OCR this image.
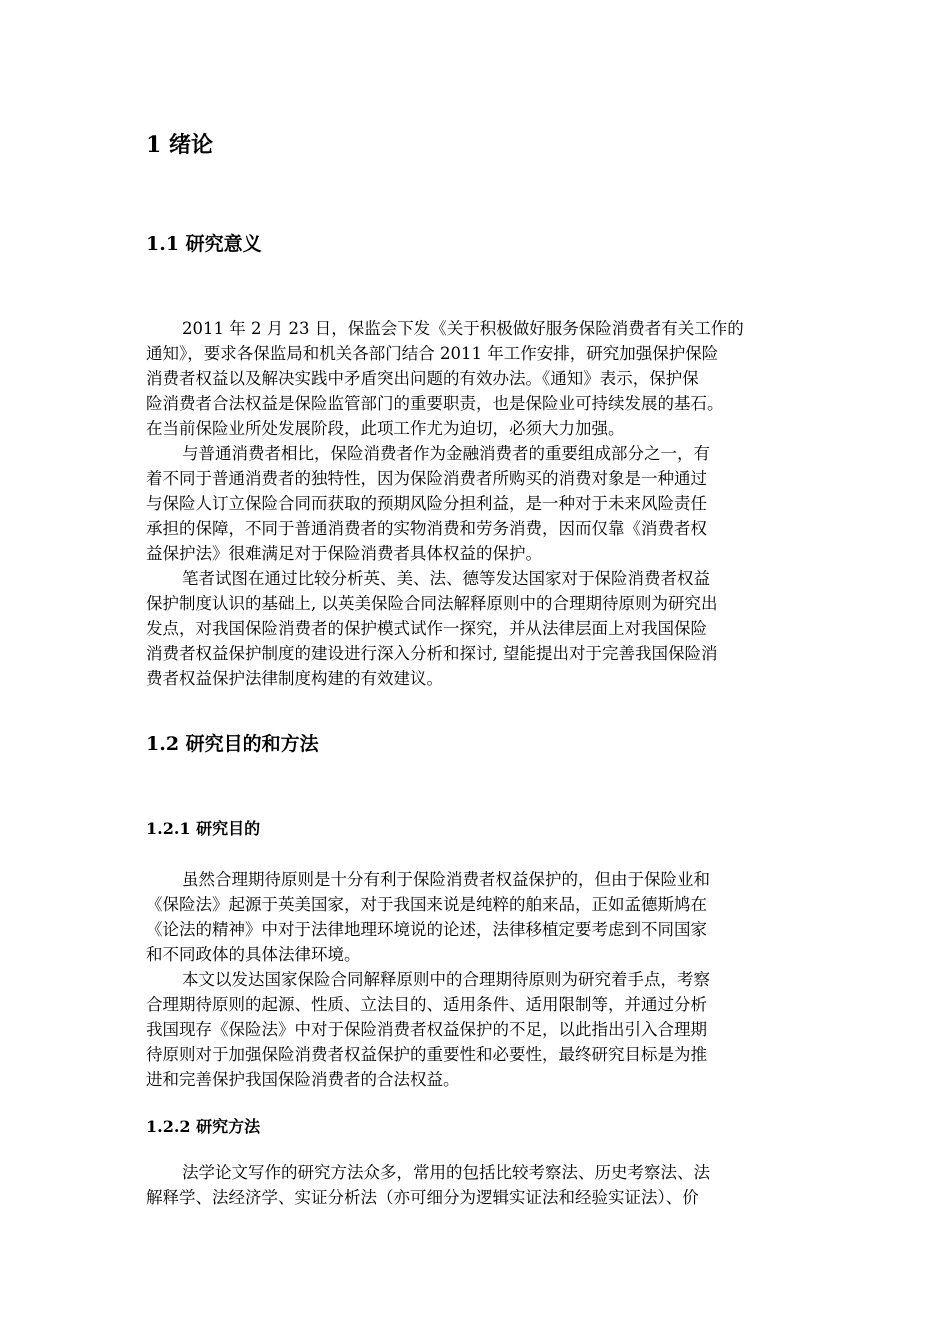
1 绪论
1.1 研究意义
2011 年 2 月 23 日，保监会下发《关于积极做好服务保险消费者有关工作的
通知》，要求各保监局和机关各部门结合 2011 年工作安排，研究加强保护保险
消费者权益以及解决实践中矛盾突出问题的有效办法。《通知》表示，保护保
险消费者合法权益是保险监管部门的重要职责，也是保险业可持续发展的基石。
在当前保险业所处发展阶段，此项工作尤为迫切，必须大力加强。
与普通消费者相比，保险消费者作为金融消费者的重要组成部分之一，有
着不同于普通消费者的独特性，因为保险消费者所购买的消费对象是一种通过
与保险人订立保险合同而获取的预期风险分担利益，是一种对于未来风险责任
承担的保障，不同于普通消费者的实物消费和劳务消费，因而仅靠《消费者权
益保护法》很难满足对于保险消费者具体权益的保护。
笔者试图在通过比较分析英、美、法、德等发达国家对于保险消费者权益
保护制度认识的基础上, 以英美保险合同法解释原则中的合理期待原则为研究出
发点，对我国保险消费者的保护模式试作一探究，并从法律层面上对我国保险
消费者权益保护制度的建设进行深入分析和探讨, 望能提出对于完善我国保险消
费者权益保护法律制度构建的有效建议。
1.2 研究目的和方法
1.2.1 研究目的
虽然合理期待原则是十分有利于保险消费者权益保护的，但由于保险业和
《保险法》起源于英美国家，对于我国来说是纯粹的舶来品，正如孟德斯鸠在
《论法的精神》中对于法律地理环境说的论述，法律移植定要考虑到不同国家
和不同政体的具体法律环境。
本文以发达国家保险合同解释原则中的合理期待原则为研究着手点，考察
合理期待原则的起源、性质、立法目的、适用条件、适用限制等，并通过分析
我国现存《保险法》中对于保险消费者权益保护的不足，以此指出引入合理期
待原则对于加强保险消费者权益保护的重要性和必要性，最终研究目标是为推
进和完善保护我国保险消费者的合法权益。
1.2.2 研究方法
法学论文写作的研究方法众多，常用的包括比较考察法、历史考察法、法
解释学、法经济学、实证分析法（亦可细分为逻辑实证法和经验实证法）、价
